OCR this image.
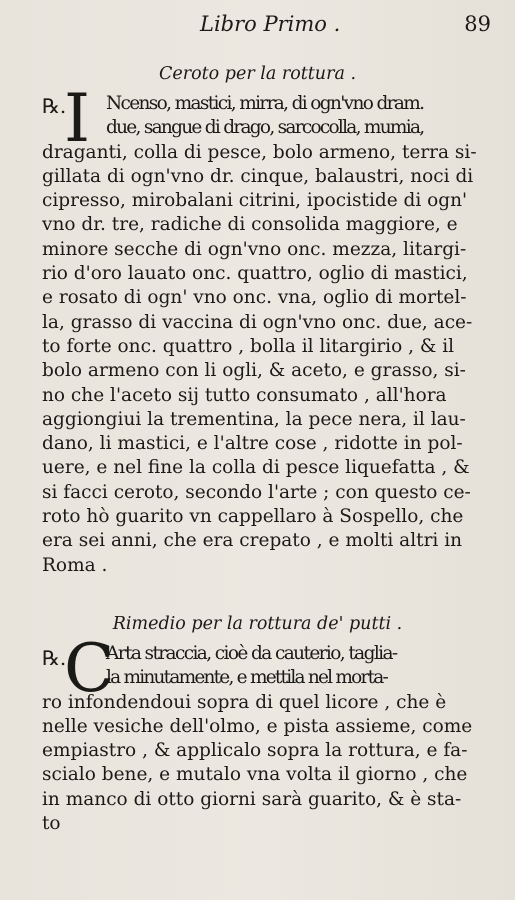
Libro Primo .	89
Ceroto per la rottura .
℞.
I Ncenso, mastici, mirra, di ogn'vno dram.
due, sangue di drago, sarcocolla, mumia,
draganti, colla di pesce, bolo armeno, terra si-
gillata di ogn'vno dr. cinque, balaustri, noci di
cipresso, mirobalani citrini, ipocistide di ogn'
vno dr. tre, radiche di consolida maggiore, e
minore secche di ogn'vno onc. mezza, litargi-
rio d'oro lauato onc. quattro, oglio di mastici,
e rosato di ogn' vno onc. vna, oglio di mortel-
la, grasso di vaccina di ogn'vno onc. due, ace-
to forte onc. quattro , bolla il litargirio , & il
bolo armeno con li ogli, & aceto, e grasso, si-
no che l'aceto sij tutto consumato , all'hora
aggiongiui la trementina, la pece nera, il lau-
dano, li mastici, e l'altre cose , ridotte in pol-
uere, e nel fine la colla di pesce liquefatta , &
si facci ceroto, secondo l'arte ; con questo ce-
roto hò guarito vn cappellaro à Sospello, che
era sei anni, che era crepato , e molti altri in
Roma .
Rimedio per la rottura de' putti .
℞.
C
Arta straccia, cioè da cauterio, taglia-
la minutamente, e mettila nel morta-
ro infondendoui sopra di quel licore , che è
nelle vesiche dell'olmo, e pista assieme, come
empiastro , & applicalo sopra la rottura, e fa-
scialo bene, e mutalo vna volta il giorno , che
in manco di otto giorni sarà guarito, & è sta-
to
